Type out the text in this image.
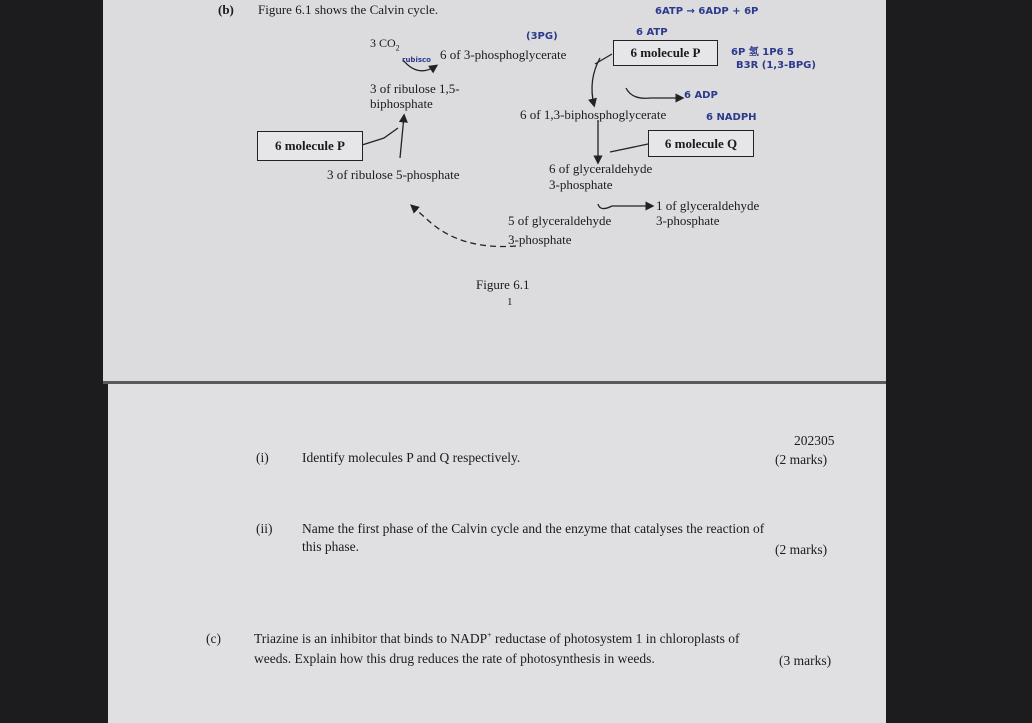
(b) Figure 6.1 shows the Calvin cycle.
3 $CO_2$	6 of 3-phosphoglycerate	6 molecule P
3 of ribulose 1,5-
biphosphate
6 of 1,3-biphosphoglycerate
6 molecule P	6 molecule Q
3 of ribulose 5-phosphate	6 of glyceraldehyde
3-phosphate
1 of glyceraldehyde
3-phosphate
5 of glyceraldehyde
3-phosphate
Figure 6.1
1
6ATP → 6ADP + 6P
6 ATP
(3PG)
rubisco
6 ADP
6 NADPH
6P 氢 1P6 5
B3R (1,3-BPG)
202305
(i) Identify molecules P and Q respectively.	(2 marks)
(ii) Name the first phase of the Calvin cycle and the enzyme that catalyses the reaction of
this phase.	(2 marks)
(c) Triazine is an inhibitor that binds to NADP+ reductase of photosystem 1 in chloroplasts of
weeds. Explain how this drug reduces the rate of photosynthesis in weeds.	(3 marks)
